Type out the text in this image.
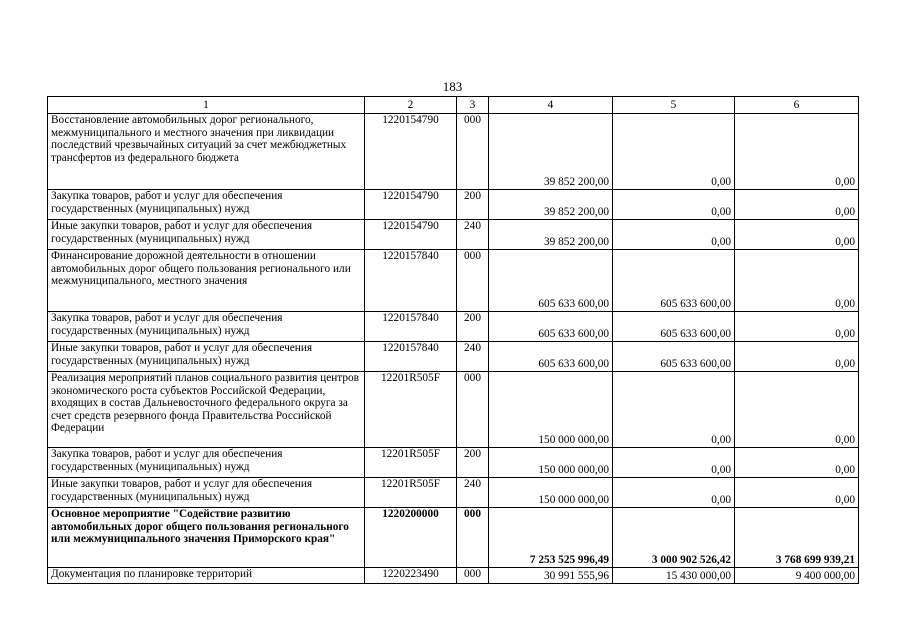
183
1	2	3	4	5	6
Восстановление автомобильных дорог регионального, межмуниципального и местного значения при ликвидации последствий чрезвычайных ситуаций за счет межбюджетных трансфертов из федерального бюджета	1220154790	000	39 852 200,00	0,00	0,00
Закупка товаров, работ и услуг для обеспечения государственных (муниципальных) нужд	1220154790	200	39 852 200,00	0,00	0,00
Иные закупки товаров, работ и услуг для обеспечения государственных (муниципальных) нужд	1220154790	240	39 852 200,00	0,00	0,00
Финансирование дорожной деятельности в отношении автомобильных дорог общего пользования регионального или межмуниципального, местного значения	1220157840	000	605 633 600,00	605 633 600,00	0,00
Закупка товаров, работ и услуг для обеспечения государственных (муниципальных) нужд	1220157840	200	605 633 600,00	605 633 600,00	0,00
Иные закупки товаров, работ и услуг для обеспечения государственных (муниципальных) нужд	1220157840	240	605 633 600,00	605 633 600,00	0,00
Реализация мероприятий планов социального развития центров экономического роста субъектов Российской Федерации, входящих в состав Дальневосточного федерального округа за счет средств резервного фонда Правительства Российской Федерации	12201R505F	000	150 000 000,00	0,00	0,00
Закупка товаров, работ и услуг для обеспечения государственных (муниципальных) нужд	12201R505F	200	150 000 000,00	0,00	0,00
Иные закупки товаров, работ и услуг для обеспечения государственных (муниципальных) нужд	12201R505F	240	150 000 000,00	0,00	0,00
Основное мероприятие "Содействие развитию автомобильных дорог общего пользования регионального или межмуниципального значения Приморского края"	1220200000	000	7 253 525 996,49	3 000 902 526,42	3 768 699 939,21
Документация по планировке территорий	1220223490	000	30 991 555,96	15 430 000,00	9 400 000,00
